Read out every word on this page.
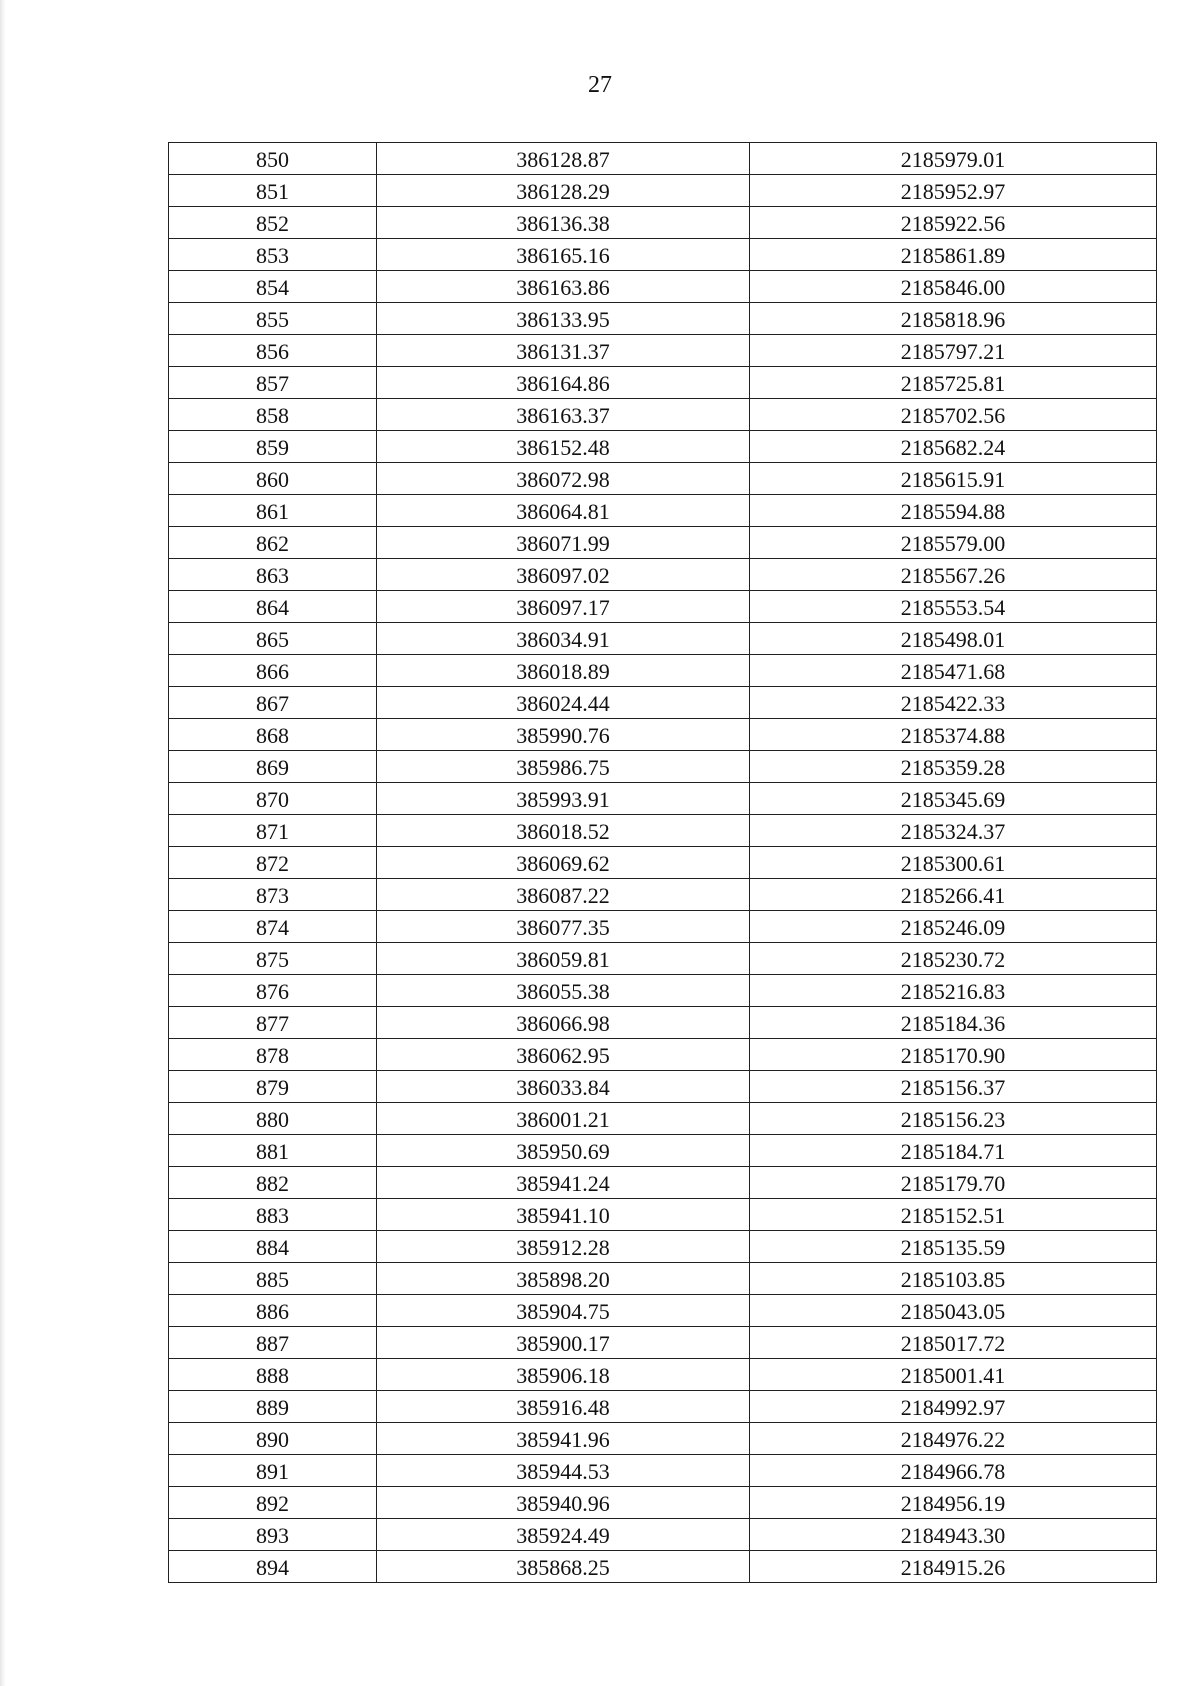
27
850	386128.87	2185979.01
851	386128.29	2185952.97
852	386136.38	2185922.56
853	386165.16	2185861.89
854	386163.86	2185846.00
855	386133.95	2185818.96
856	386131.37	2185797.21
857	386164.86	2185725.81
858	386163.37	2185702.56
859	386152.48	2185682.24
860	386072.98	2185615.91
861	386064.81	2185594.88
862	386071.99	2185579.00
863	386097.02	2185567.26
864	386097.17	2185553.54
865	386034.91	2185498.01
866	386018.89	2185471.68
867	386024.44	2185422.33
868	385990.76	2185374.88
869	385986.75	2185359.28
870	385993.91	2185345.69
871	386018.52	2185324.37
872	386069.62	2185300.61
873	386087.22	2185266.41
874	386077.35	2185246.09
875	386059.81	2185230.72
876	386055.38	2185216.83
877	386066.98	2185184.36
878	386062.95	2185170.90
879	386033.84	2185156.37
880	386001.21	2185156.23
881	385950.69	2185184.71
882	385941.24	2185179.70
883	385941.10	2185152.51
884	385912.28	2185135.59
885	385898.20	2185103.85
886	385904.75	2185043.05
887	385900.17	2185017.72
888	385906.18	2185001.41
889	385916.48	2184992.97
890	385941.96	2184976.22
891	385944.53	2184966.78
892	385940.96	2184956.19
893	385924.49	2184943.30
894	385868.25	2184915.26
